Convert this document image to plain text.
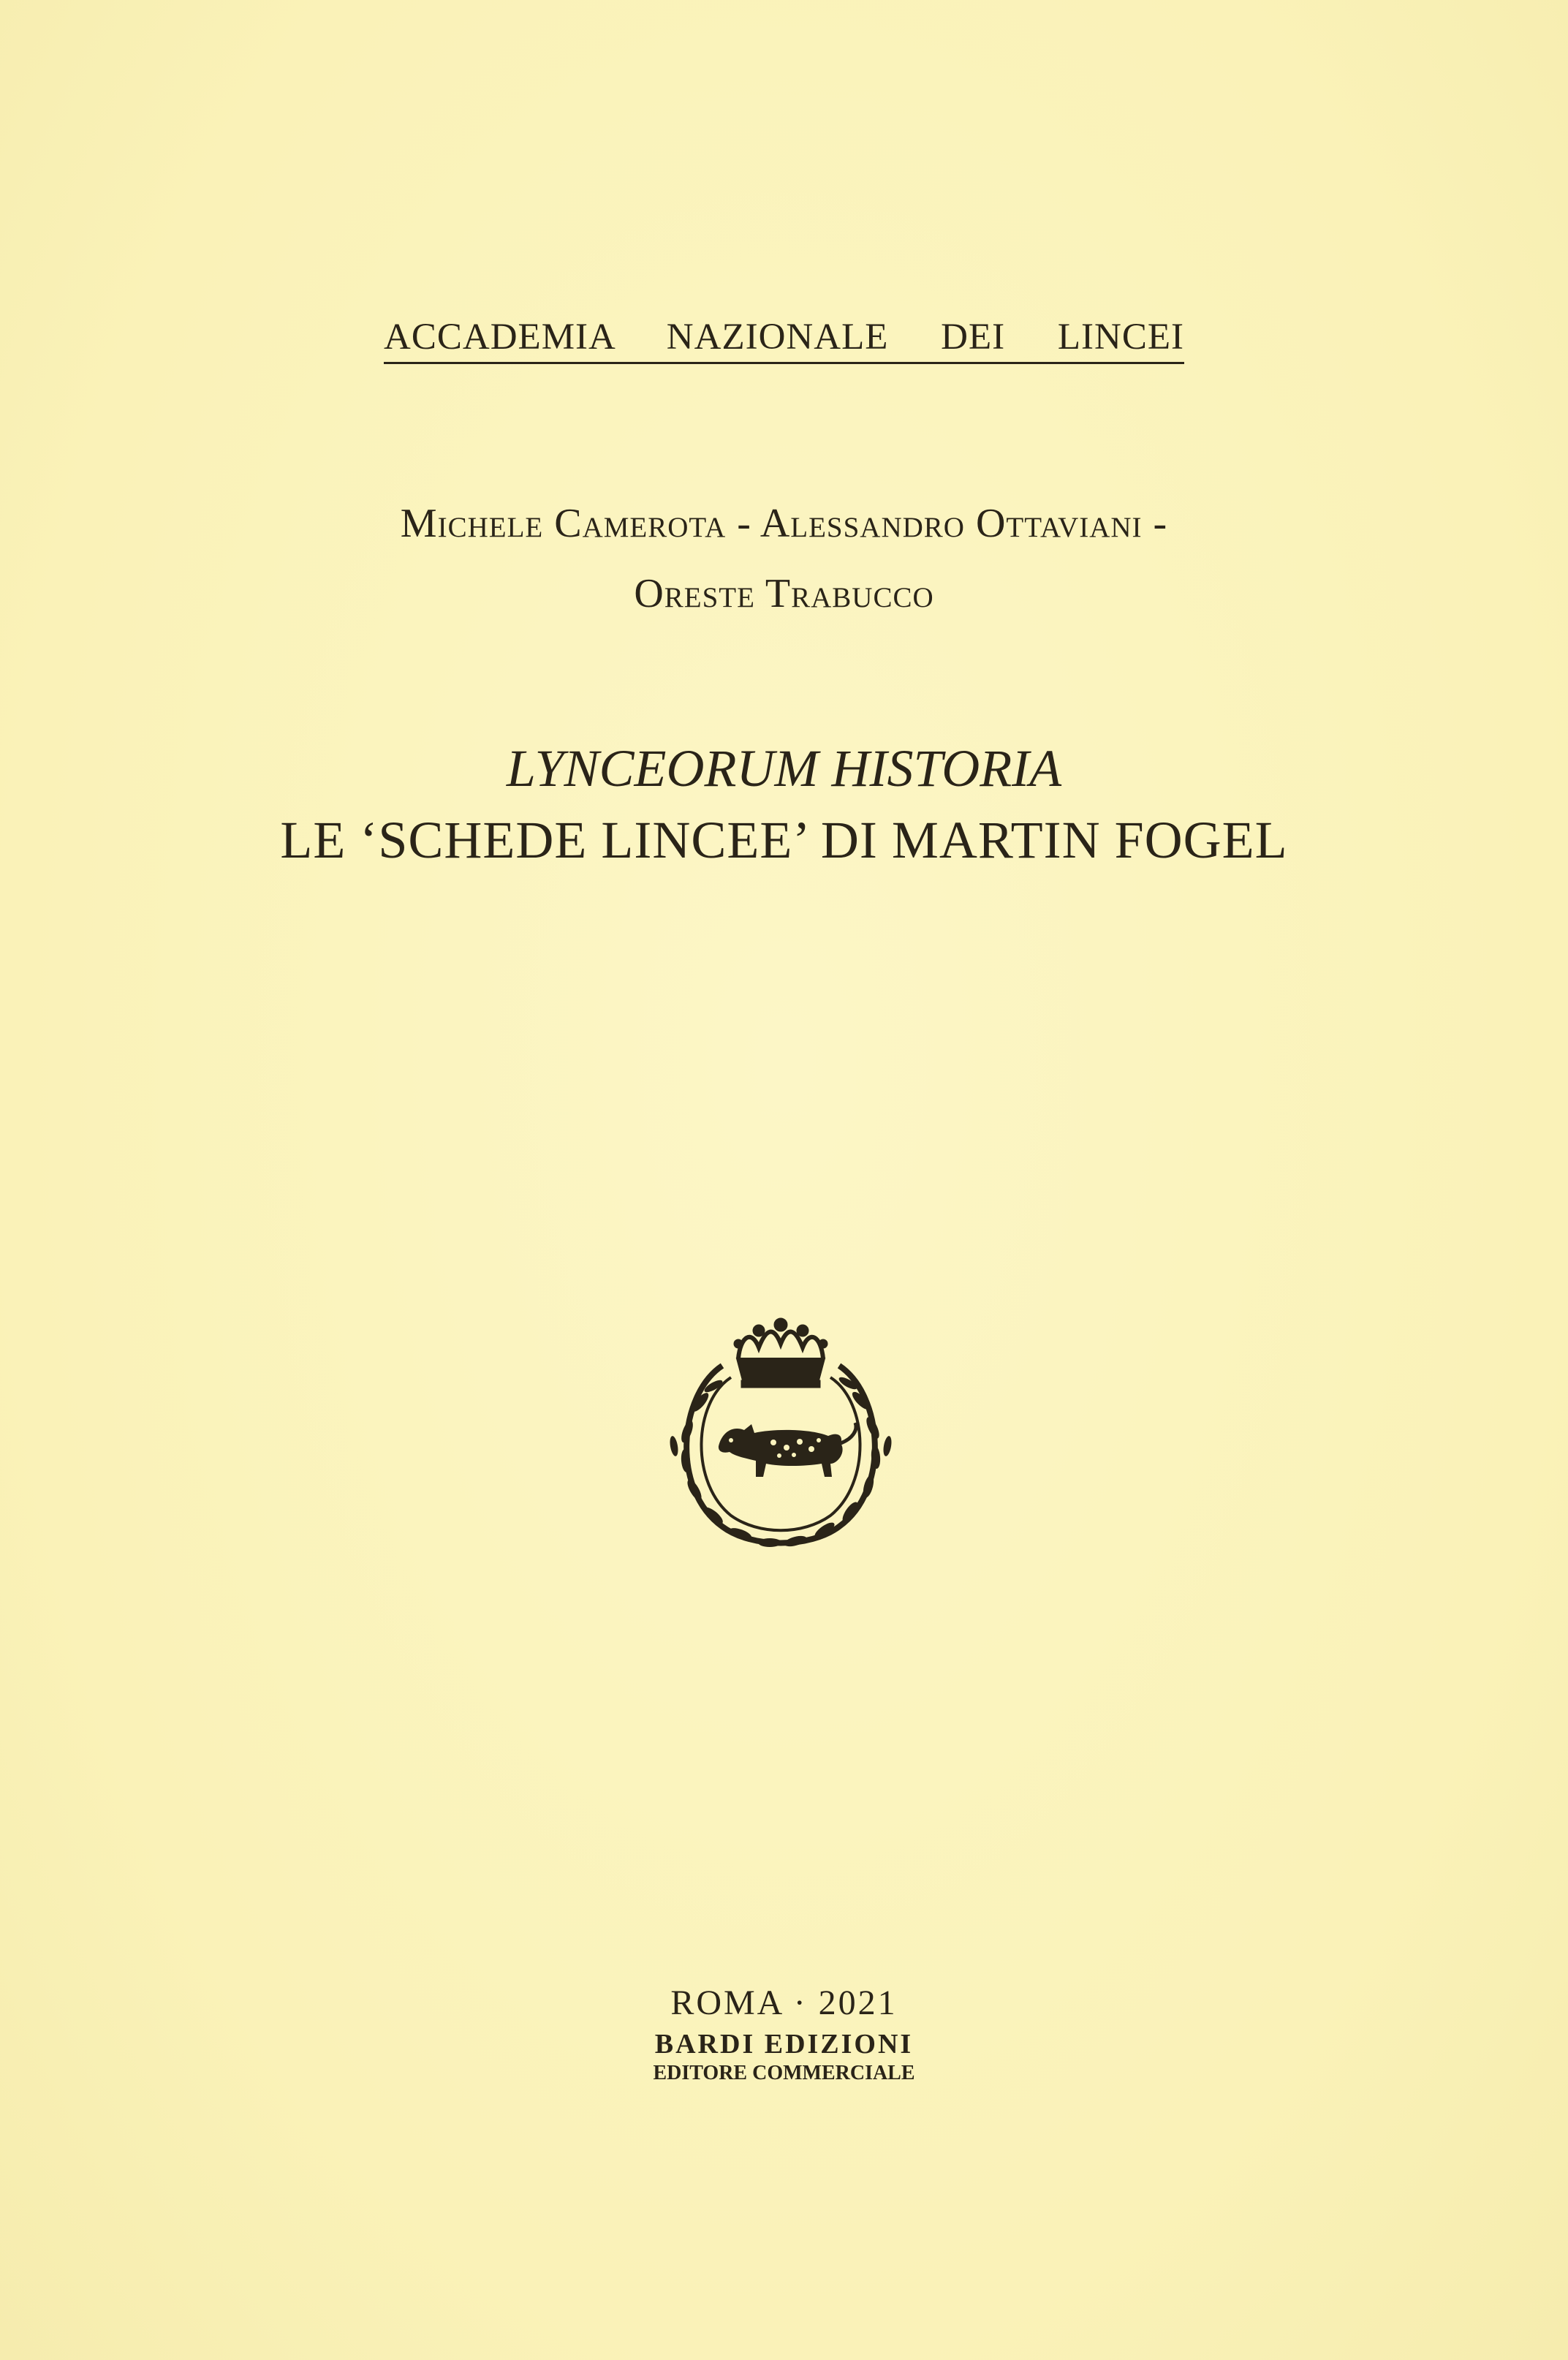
ACCADEMIA NAZIONALE DEI LINCEI
Michele Camerota - Alessandro Ottaviani -
Oreste Trabucco
LYNCEORUM HISTORIA
LE ‘SCHEDE LINCEE’ DI MARTIN FOGEL
ROMA · 2021
BARDI EDIZIONI
EDITORE COMMERCIALE
